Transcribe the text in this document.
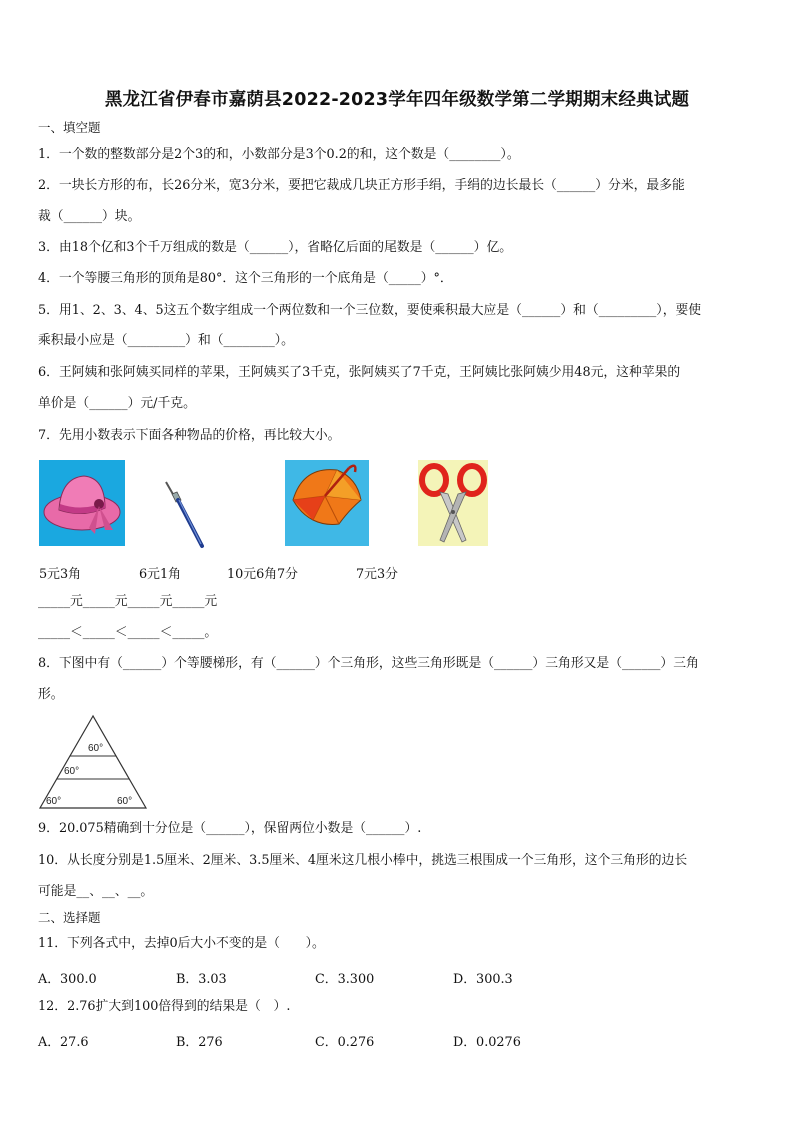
黑龙江省伊春市嘉荫县2022-2023学年四年级数学第二学期期末经典试题
一、填空题
1．一个数的整数部分是2个3的和，小数部分是3个0.2的和，这个数是（________）。
2．一块长方形的布，长26分米，宽3分米，要把它裁成几块正方形手绢，手绢的边长最长（______）分米，最多能
裁（______）块。
3．由18个亿和3个千万组成的数是（______），省略亿后面的尾数是（______）亿。
4．一个等腰三角形的顶角是80°．这个三角形的一个底角是（_____）°．
5．用1、2、3、4、5这五个数字组成一个两位数和一个三位数，要使乘积最大应是（______）和（_________），要使
乘积最小应是（_________）和（________）。
6．王阿姨和张阿姨买同样的苹果，王阿姨买了3千克，张阿姨买了7千克，王阿姨比张阿姨少用48元，这种苹果的
单价是（______）元/千克。
7．先用小数表示下面各种物品的价格，再比较大小。
5元3角	6元1角	10元6角7分	7元3分
_____元_____元_____元_____元
_____＜_____＜_____＜_____。
8．下图中有（______）个等腰梯形，有（______）个三角形，这些三角形既是（______）三角形又是（______）三角
形。
60°
60°
60°	60°
9．20.075精确到十分位是（______），保留两位小数是（______）.
10．从长度分别是1.5厘米、2厘米、3.5厘米、4厘米这几根小棒中，挑选三根围成一个三角形，这个三角形的边长
可能是__、__、__。
二、选择题
11．下列各式中，去掉0后大小不变的是（　　）。
A．300.0	B．3.03	C．3.300	D．300.3
12．2.76扩大到100倍得到的结果是（　）.
A．27.6	B．276	C．0.276	D．0.0276
